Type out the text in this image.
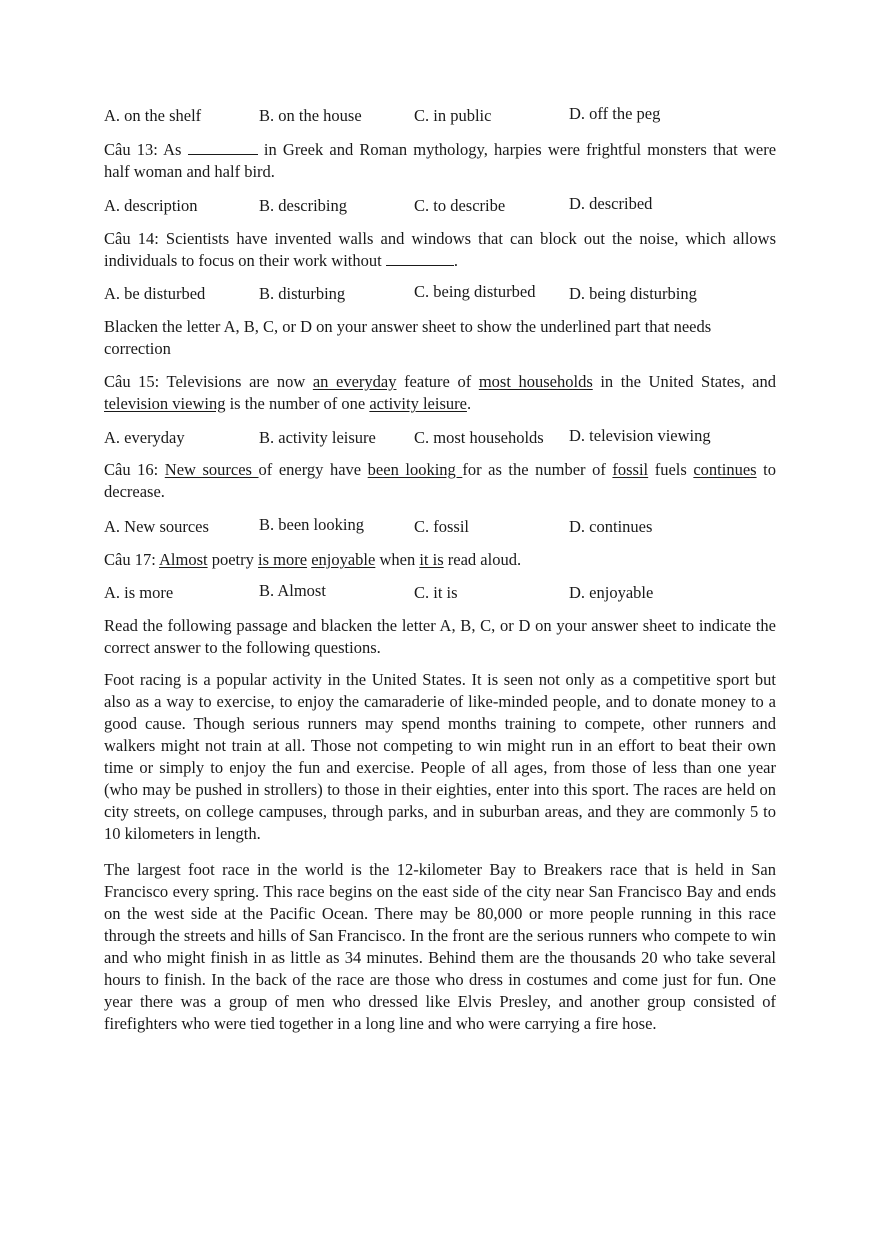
A. on the shelf	B. on the house	C. in public	D. off the peg
Câu 13: As	in Greek and Roman mythology, harpies were frightful monsters that were half woman and half bird.
A. description	B. describing	C. to describe	D. described
Câu 14: Scientists have invented walls and windows that can block out the noise, which allows individuals to focus on their work without	.
A. be disturbed	B. disturbing	C. being disturbed D. being disturbing
Blacken the letter A, B, C, or D on your answer sheet to show the underlined part that needs correction
Câu 15: Televisions are now an everyday feature of most households in the United States, and television viewing is the number of one activity leisure.
A. everyday	B. activity leisure C. most households D. television viewing
Câu 16: New sources of energy have been looking for as the number of fossil fuels continues to decrease.
A. New sources	B. been looking	C. fossil	D. continues
Câu 17: Almost poetry is more enjoyable when it is read aloud.
A. is more	B. Almost	C. it is	D. enjoyable
Read the following passage and blacken the letter A, B, C, or D on your answer sheet to indicate the correct answer to the following questions.
Foot racing is a popular activity in the United States. It is seen not only as a competitive sport but also as a way to exercise, to enjoy the camaraderie of like-minded people, and to donate money to a good cause. Though serious runners may spend months training to compete, other runners and walkers might not train at all. Those not competing to win might run in an effort to beat their own time or simply to enjoy the fun and exercise. People of all ages, from those of less than one year (who may be pushed in strollers) to those in their eighties, enter into this sport. The races are held on city streets, on college campuses, through parks, and in suburban areas, and they are commonly 5 to 10 kilometers in length.
The largest foot race in the world is the 12-kilometer Bay to Breakers race that is held in San Francisco every spring. This race begins on the east side of the city near San Francisco Bay and ends on the west side at the Pacific Ocean. There may be 80,000 or more people running in this race through the streets and hills of San Francisco. In the front are the serious runners who compete to win and who might finish in as little as 34 minutes. Behind them are the thousands 20 who take several hours to finish. In the back of the race are those who dress in costumes and come just for fun. One year there was a group of men who dressed like Elvis Presley, and another group consisted of firefighters who were tied together in a long line and who were carrying a fire hose.
